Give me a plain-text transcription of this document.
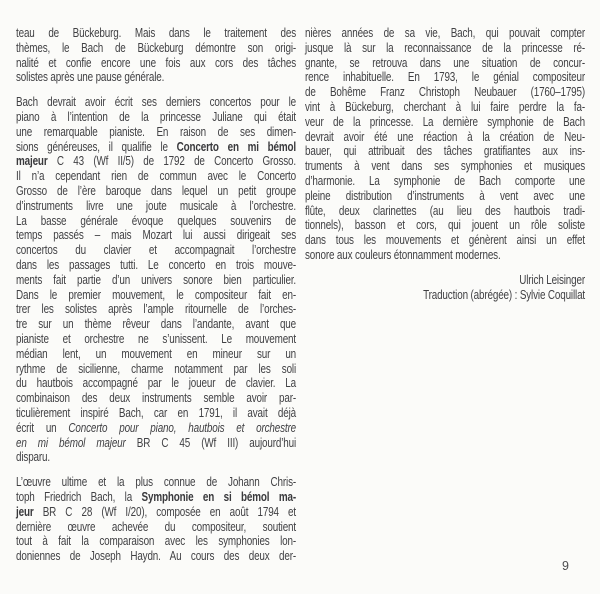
teau de Bückeburg. Mais dans le traitement des
thèmes, le Bach de Bückeburg démontre son origi-
nalité et confie encore une fois aux cors des tâches
solistes après une pause générale.
Bach devrait avoir écrit ses derniers concertos pour le
piano à l’intention de la princesse Juliane qui était
une remarquable pianiste. En raison de ses dimen-
sions généreuses, il qualifie le Concerto en mi bémol
majeur C 43 (Wf II/5) de 1792 de Concerto Grosso.
Il n’a cependant rien de commun avec le Concerto
Grosso de l’ère baroque dans lequel un petit groupe
d’instruments livre une joute musicale à l’orchestre.
La basse générale évoque quelques souvenirs de
temps passés – mais Mozart lui aussi dirigeait ses
concertos du clavier et accompagnait l’orchestre
dans les passages tutti. Le concerto en trois mouve-
ments fait partie d’un univers sonore bien particulier.
Dans le premier mouvement, le compositeur fait en-
trer les solistes après l’ample ritournelle de l’orches-
tre sur un thème rêveur dans l’andante, avant que
pianiste et orchestre ne s’unissent. Le mouvement
médian lent, un mouvement en mineur sur un
rythme de sicilienne, charme notamment par les soli
du hautbois accompagné par le joueur de clavier. La
combinaison des deux instruments semble avoir par-
ticulièrement inspiré Bach, car en 1791, il avait déjà
écrit un Concerto pour piano, hautbois et orchestre
en mi bémol majeur BR C 45 (Wf III) aujourd’hui
disparu.
L’œuvre ultime et la plus connue de Johann Chris-
toph Friedrich Bach, la Symphonie en si bémol ma-
jeur BR C 28 (Wf I/20), composée en août 1794 et
dernière œuvre achevée du compositeur, soutient
tout à fait la comparaison avec les symphonies lon-
doniennes de Joseph Haydn. Au cours des deux der-
nières années de sa vie, Bach, qui pouvait compter
jusque là sur la reconnaissance de la princesse ré-
gnante, se retrouva dans une situation de concur-
rence inhabituelle. En 1793, le génial compositeur
de Bohême Franz Christoph Neubauer (1760–1795)
vint à Bückeburg, cherchant à lui faire perdre la fa-
veur de la princesse. La dernière symphonie de Bach
devrait avoir été une réaction à la création de Neu-
bauer, qui attribuait des tâches gratifiantes aux ins-
truments à vent dans ses symphonies et musiques
d’harmonie. La symphonie de Bach comporte une
pleine distribution d’instruments à vent avec une
flûte, deux clarinettes (au lieu des hautbois tradi-
tionnels), basson et cors, qui jouent un rôle soliste
dans tous les mouvements et génèrent ainsi un effet
sonore aux couleurs étonnamment modernes.
Ulrich Leisinger
Traduction (abrégée) : Sylvie Coquillat
9
